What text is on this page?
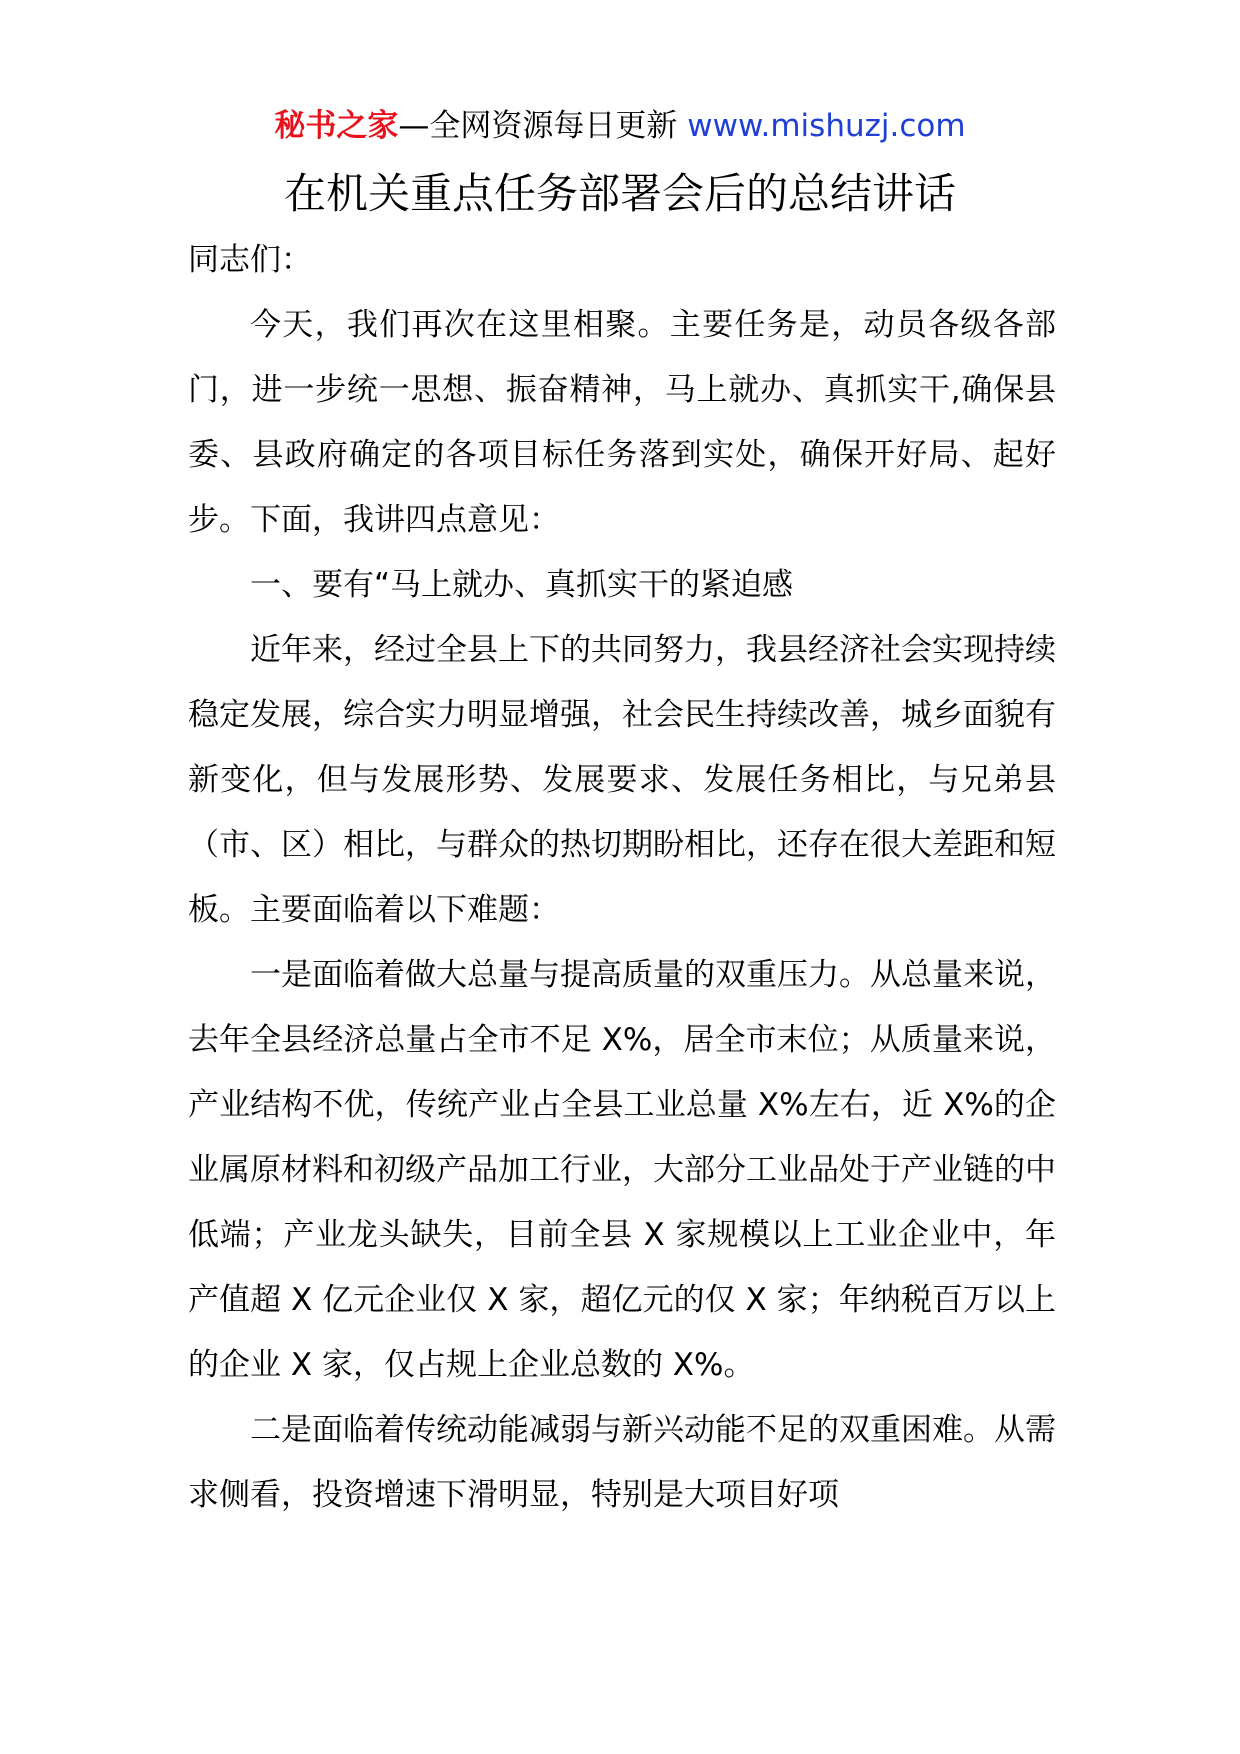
秘书之家—全网资源每日更新 www.mishuzj.com
在机关重点任务部署会后的总结讲话

同志们：

今天，我们再次在这里相聚。主要任务是，动员各级各部门，进一步统一思想、振奋精神，马上就办、真抓实干,确保县委、县政府确定的各项目标任务落到实处，确保开好局、起好步。下面，我讲四点意见：

一、要有“马上就办、真抓实干的紧迫感

近年来，经过全县上下的共同努力，我县经济社会实现持续稳定发展，综合实力明显增强，社会民生持续改善，城乡面貌有新变化，但与发展形势、发展要求、发展任务相比，与兄弟县（市、区）相比，与群众的热切期盼相比，还存在很大差距和短板。主要面临着以下难题：

一是面临着做大总量与提高质量的双重压力。从总量来说，去年全县经济总量占全市不足 X%，居全市末位；从质量来说，产业结构不优，传统产业占全县工业总量 X%左右，近 X%的企业属原材料和初级产品加工行业，大部分工业品处于产业链的中低端；产业龙头缺失，目前全县 X 家规模以上工业企业中，年产值超 X 亿元企业仅 X 家，超亿元的仅 X 家；年纳税百万以上的企业 X 家，仅占规上企业总数的 X%。

二是面临着传统动能减弱与新兴动能不足的双重困难。从需求侧看，投资增速下滑明显，特别是大项目好项
